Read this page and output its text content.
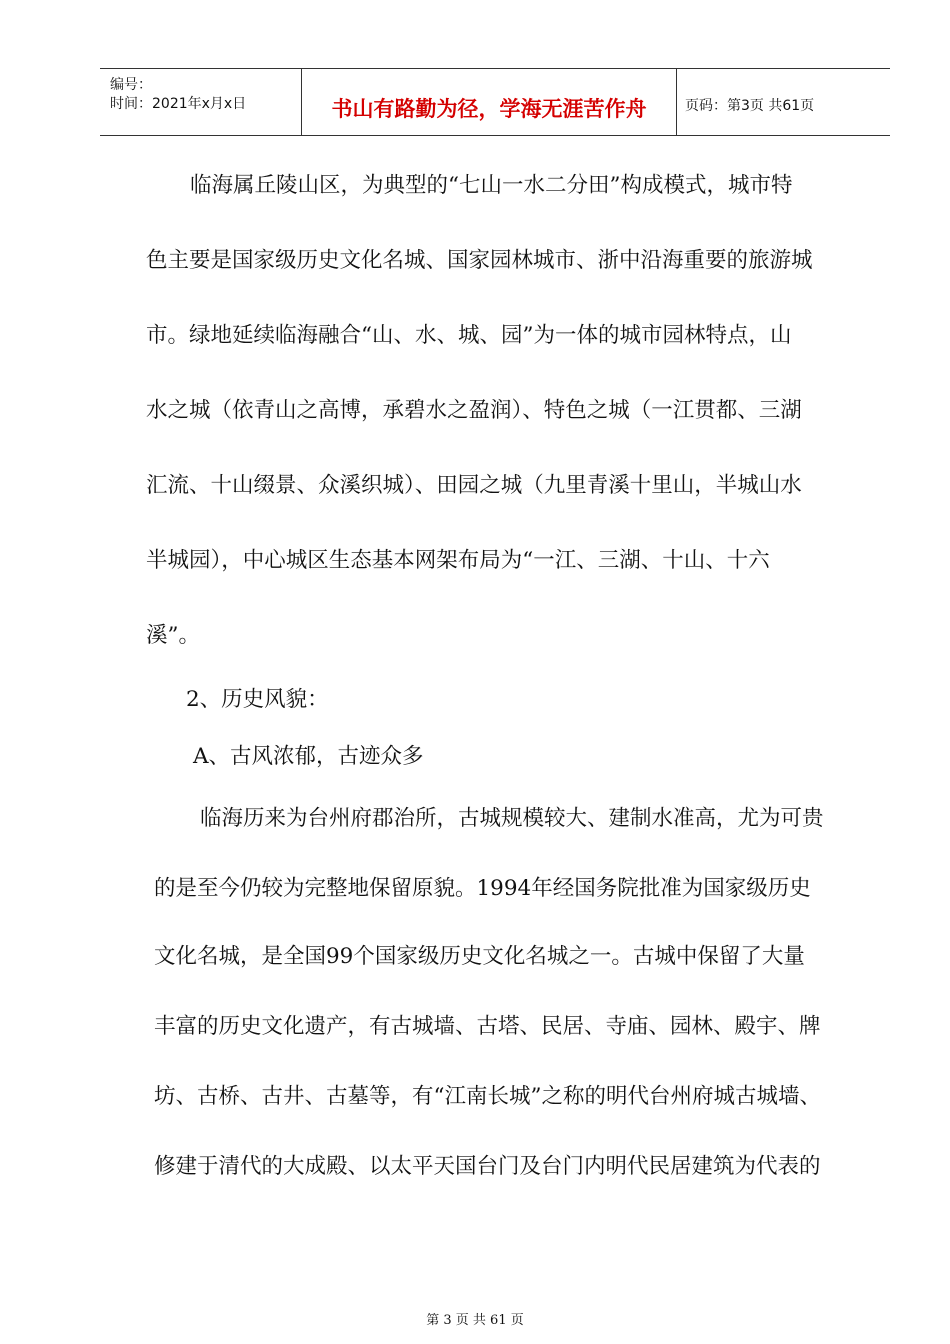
编号：
时间：2021年x月x日	书山有路勤为径，学海无涯苦作舟	页码：第3页 共61页
临海属丘陵山区，为典型的“七山一水二分田”构成模式，城市特
色主要是国家级历史文化名城、国家园林城市、浙中沿海重要的旅游城
市。绿地延续临海融合“山、水、城、园”为一体的城市园林特点，山
水之城（依青山之高博，承碧水之盈润）、特色之城（一江贯都、三湖
汇流、十山缀景、众溪织城）、田园之城（九里青溪十里山，半城山水
半城园），中心城区生态基本网架布局为“一江、三湖、十山、十六
溪”。
2、历史风貌：
A、古风浓郁，古迹众多
临海历来为台州府郡治所，古城规模较大、建制水准高，尤为可贵
的是至今仍较为完整地保留原貌。1994年经国务院批准为国家级历史
文化名城，是全国99个国家级历史文化名城之一。古城中保留了大量
丰富的历史文化遗产，有古城墙、古塔、民居、寺庙、园林、殿宇、牌
坊、古桥、古井、古墓等，有“江南长城”之称的明代台州府城古城墙、
修建于清代的大成殿、以太平天国台门及台门内明代民居建筑为代表的
第 3 页 共 61 页
